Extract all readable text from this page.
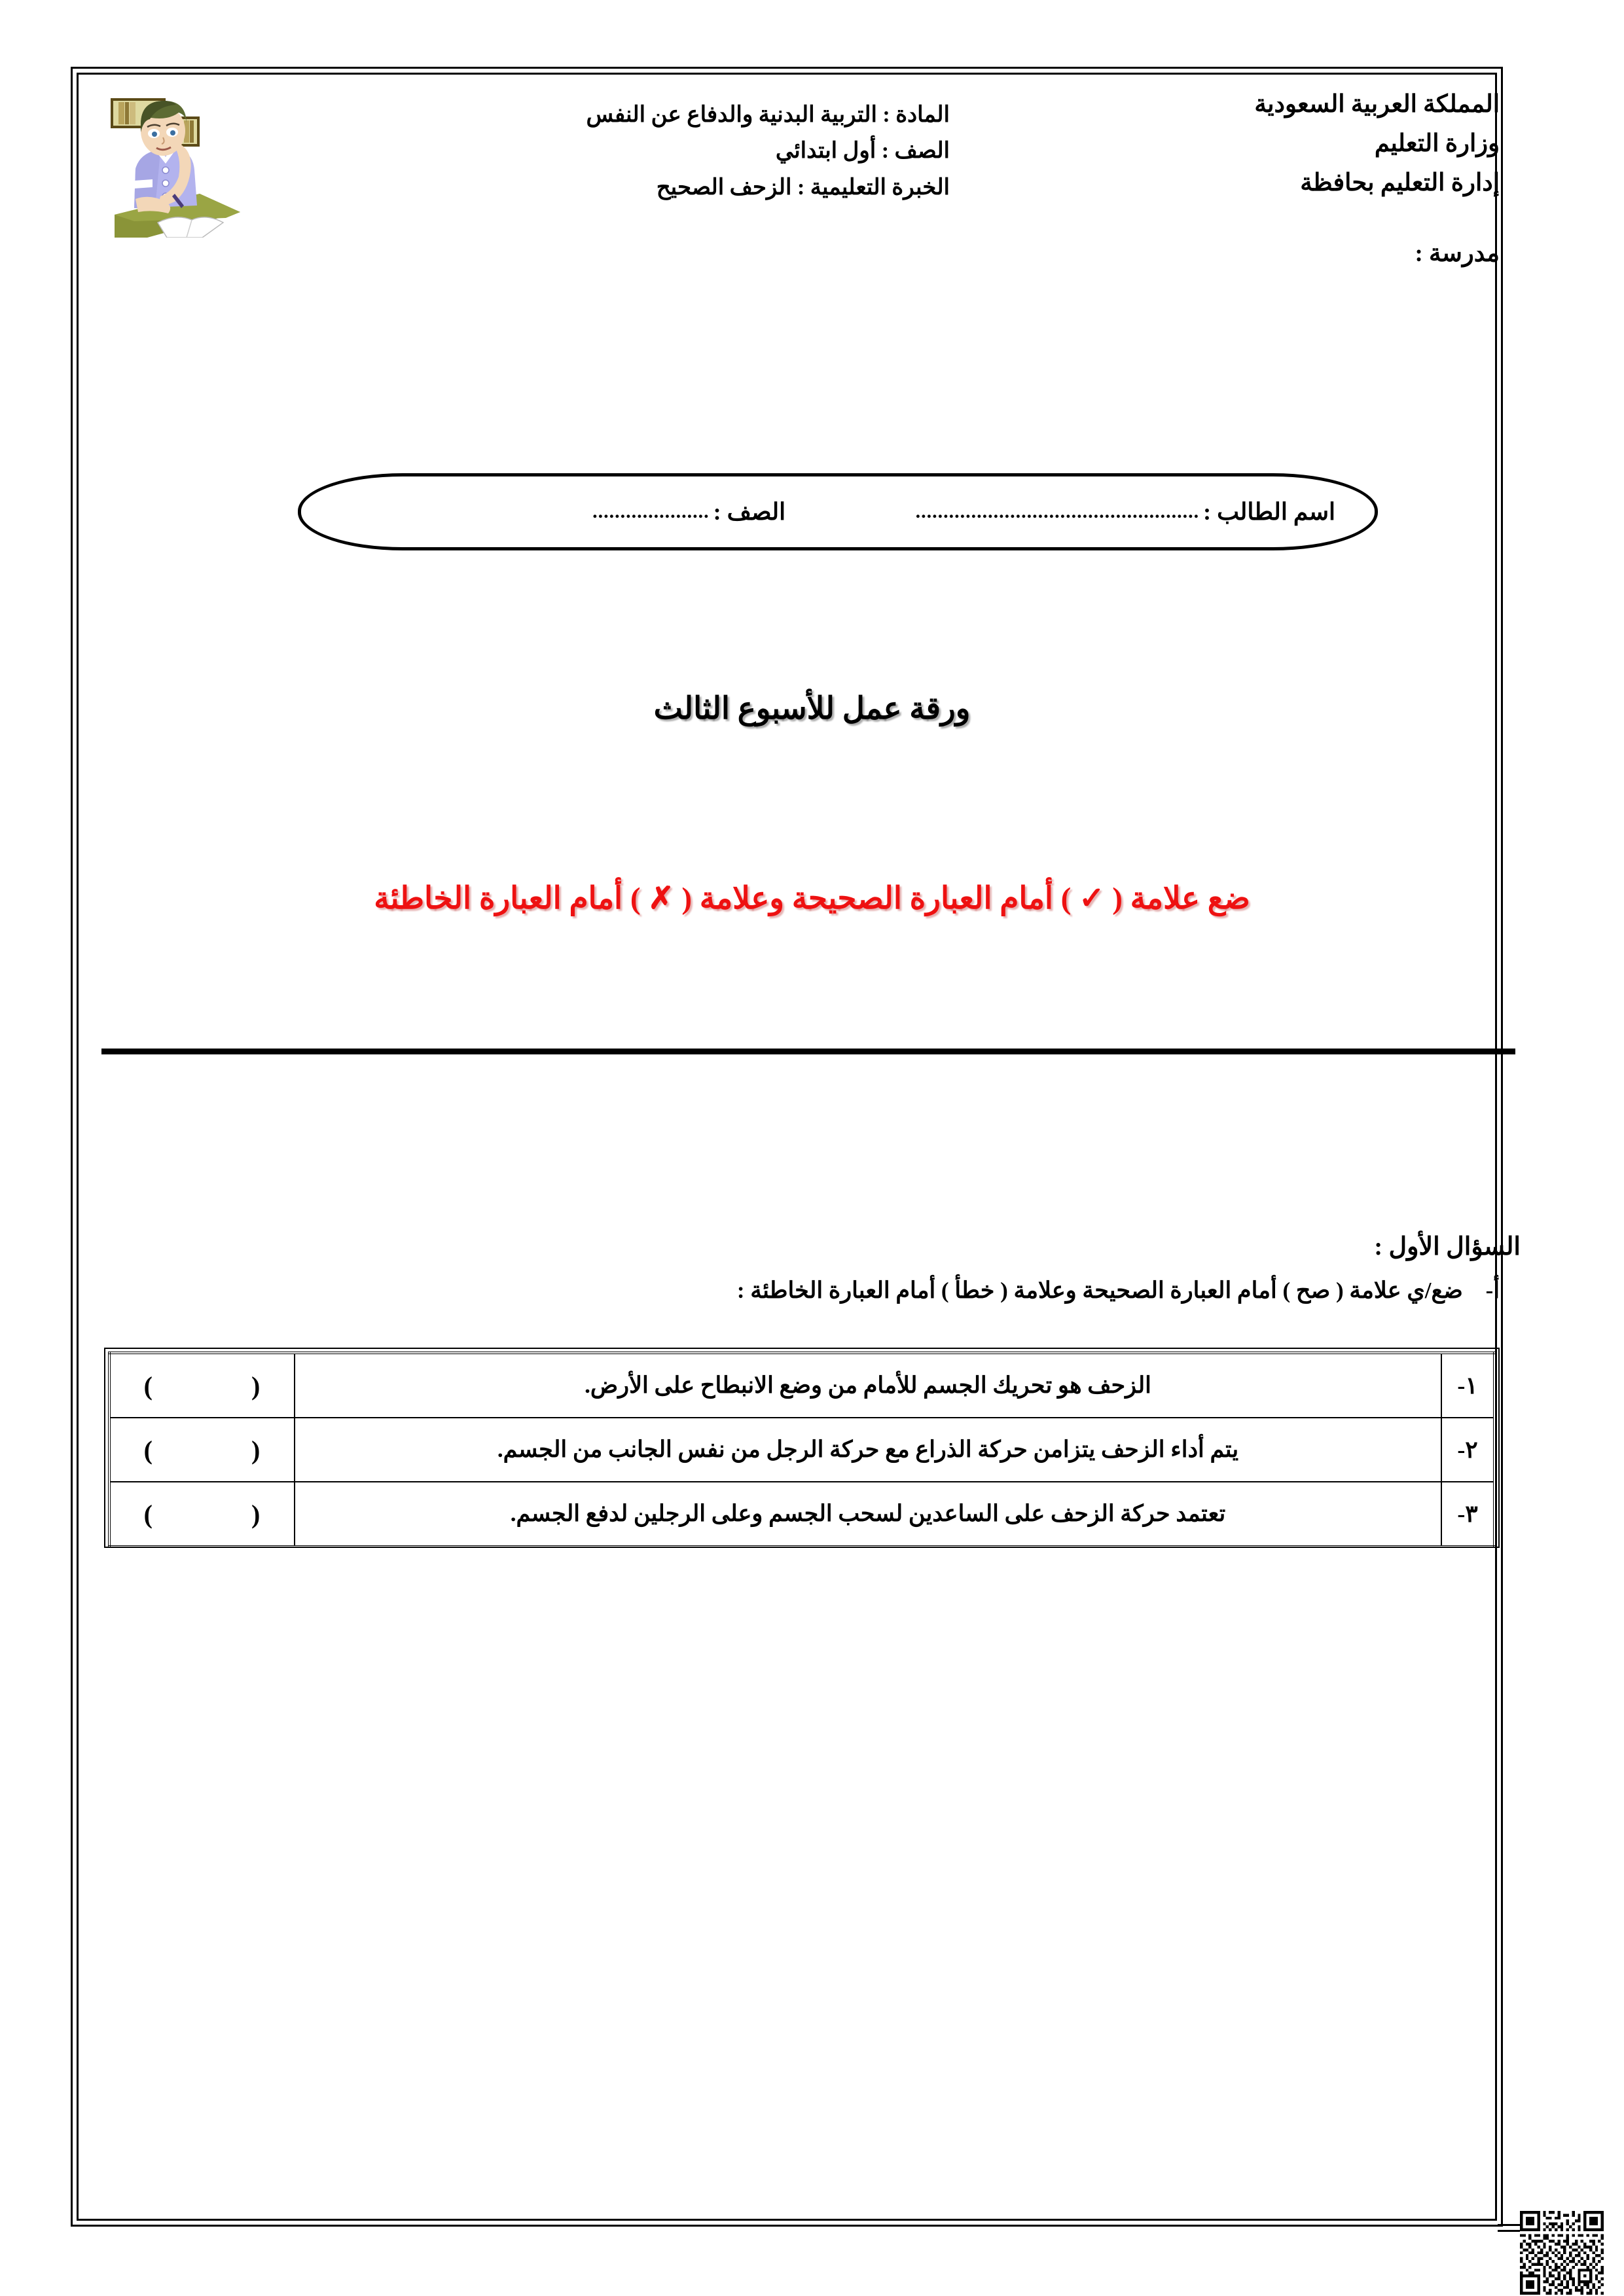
المملكة العربية السعودية
وزارة التعليم
إدارة التعليم بحافظة
مدرسة :
المادة : التربية البدنية والدفاع عن النفس
الصف : أول ابتدائي
الخبرة التعليمية : الزحف الصحيح
اسم الطالب :
...................................................
الصف :
.....................
ورقة عمل للأسبوع الثالث
ضع علامة ( ✓ ) أمام العبارة الصحيحة وعلامة ( ✗ ) أمام العبارة الخاطئة
السؤال الأول :
أ- ضع/ي علامة ( صح ) أمام العبارة الصحيحة وعلامة ( خطأ ) أمام العبارة الخاطئة :
١-	الزحف هو تحريك الجسم للأمام من وضع الانبطاح على الأرض.	()
٢-	يتم أداء الزحف يتزامن حركة الذراع مع حركة الرجل من نفس الجانب من الجسم.	()
٣-	تعتمد حركة الزحف على الساعدين لسحب الجسم وعلى الرجلين لدفع الجسم.	()
